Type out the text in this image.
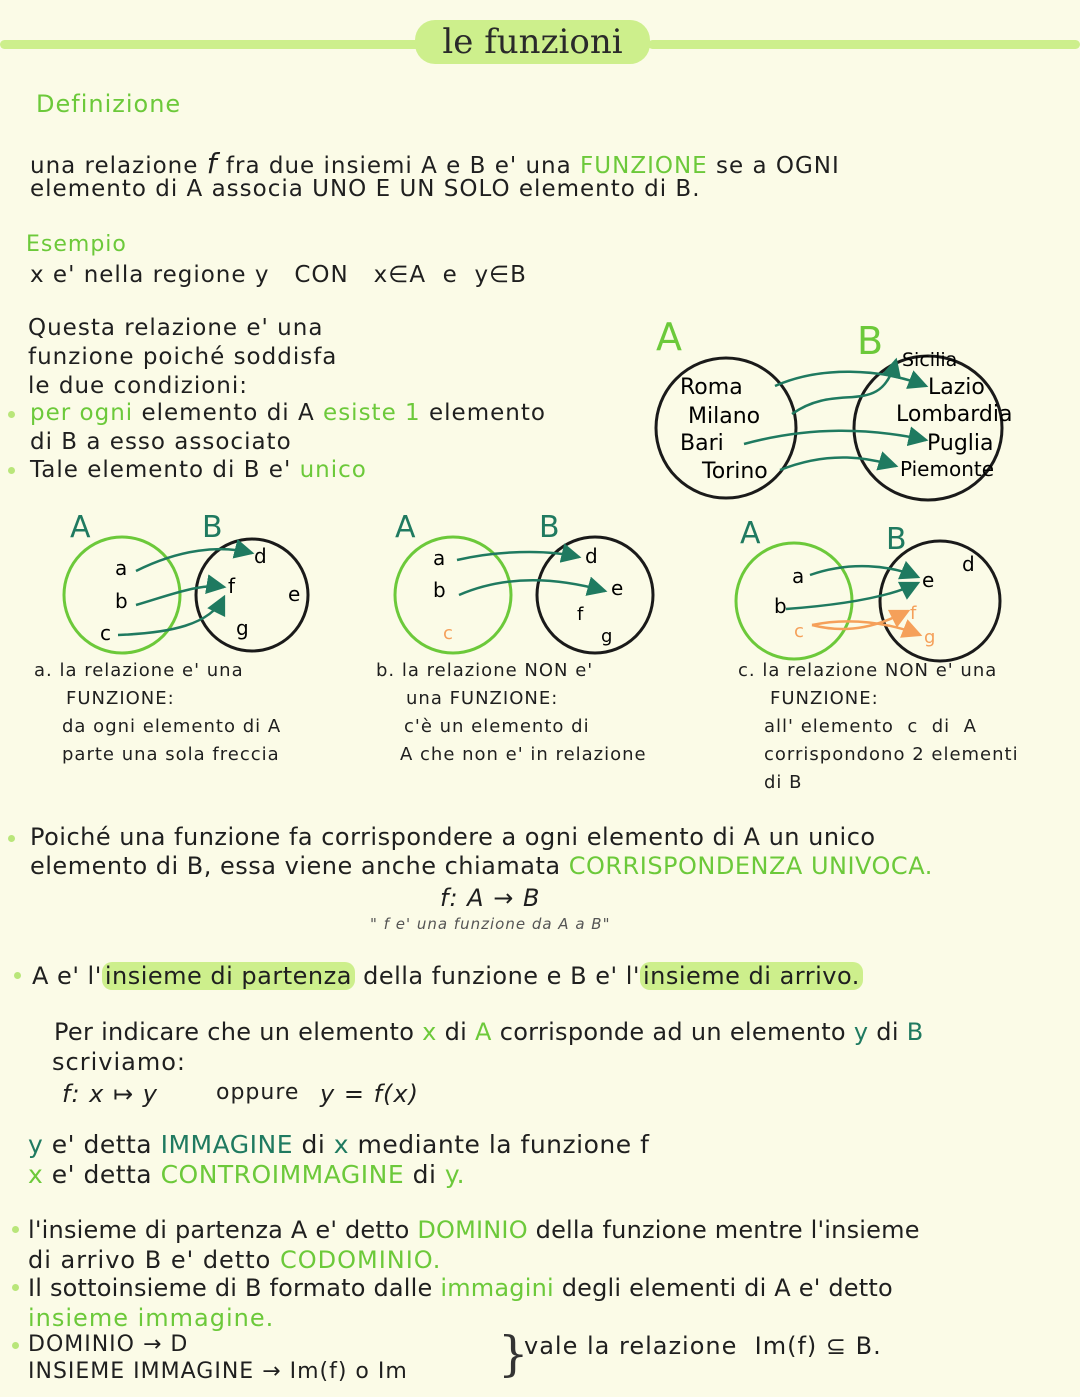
le funzioni
Definizione
una relazione f fra due insiemi A e B e' una FUNZIONE se a OGNI
elemento di A associa UNO E UN SOLO elemento di B.
Esempio
x e' nella regione y   CON   x∈A  e  y∈B
Questa relazione e' una
funzione poiché soddisfa
le due condizioni:
per ogni elemento di A esiste 1 elemento
di B a esso associato
Tale elemento di B e' unico
A	B
Roma
Milano
Bari
Torino
Sicilia
Lazio
Lombardia
Puglia
Piemonte
A	B
a
b
c
d
f	e
g
a. la relazione e' una
FUNZIONE:
da ogni elemento di A
parte una sola freccia
A	B
a
b
c
d
e
f
g
b. la relazione NON e'
una FUNZIONE:
c'è un elemento di
A che non e' in relazione
A	B
a
b
c
e
d
f
g
c. la relazione NON e' una
FUNZIONE:
all' elemento  c  di  A
corrispondono 2 elementi
di B
Poiché una funzione fa corrispondere a ogni elemento di A un unico
elemento di B, essa viene anche chiamata CORRISPONDENZA UNIVOCA.
f: A → B
" f e' una funzione da A a B"
A e' l' insieme di partenza della funzione e B e' l' insieme di arrivo.
Per indicare che un elemento x di A corrisponde ad un elemento y di B
scriviamo:
f: x ↦ y	oppure y = f(x)
y e' detta IMMAGINE di x mediante la funzione f
x e' detta CONTROIMMAGINE di y.
l'insieme di partenza A e' detto DOMINIO della funzione mentre l'insieme
di arrivo B e' detto CODOMINIO.
Il sottoinsieme di B formato dalle immagini degli elementi di A e' detto
insieme immagine.
DOMINIO → D
INSIEME IMMAGINE → Im(f) o Im }
vale la relazione  Im(f) ⊆ B.
